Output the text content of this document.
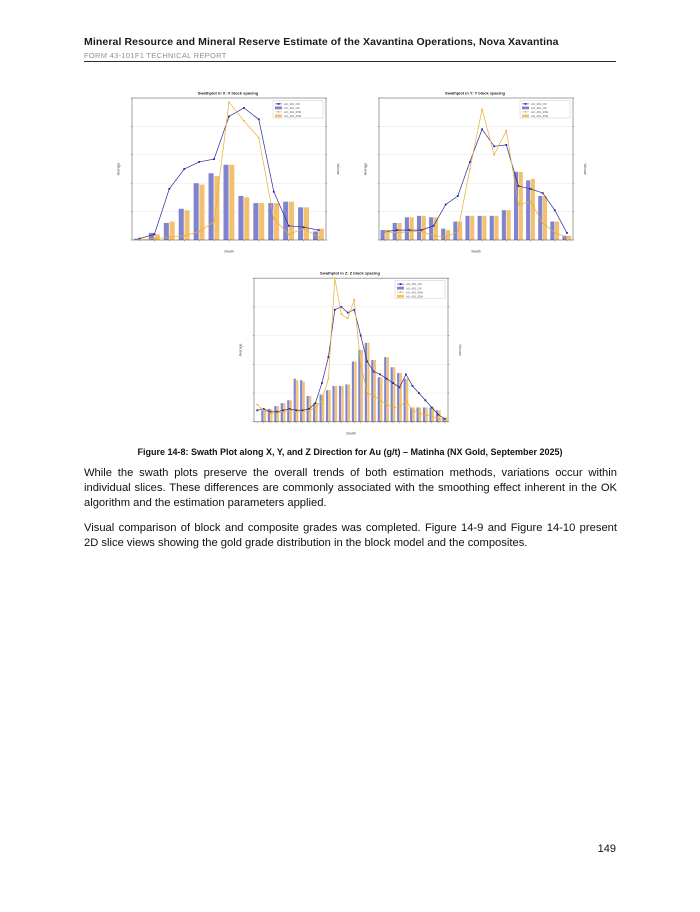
Mineral Resource and Mineral Reserve Estimate of the Xavantina Operations, Nova Xavantina
FORM 43-101F1 TECHNICAL REPORT
AU_401_OK
AU_401_OK
AU_401_IDW
AU_401_IDW
Swathplot in X: X block spacing
Average	Volume
Swath
AU_401_OK
AU_401_OK
AU_401_IDW
AU_401_IDW
Swathplot in Y: Y block spacing
Average	Volume
Swath
AU_401_OK
AU_401_OK
AU_401_IDW
AU_401_IDW
Swathplot in Z: Z block spacing
Average	Volume
Swath
Figure 14-8: Swath Plot along X, Y, and Z Direction for Au (g/t) – Matinha (NX Gold, September 2025)

While the swath plots preserve the overall trends of both estimation methods, variations occur within individual slices. These differences are commonly associated with the smoothing effect inherent in the OK algorithm and the estimation parameters applied.

Visual comparison of block and composite grades was completed. Figure 14-9 and Figure 14-10 present 2D slice views showing the gold grade distribution in the block model and the composites.

149
